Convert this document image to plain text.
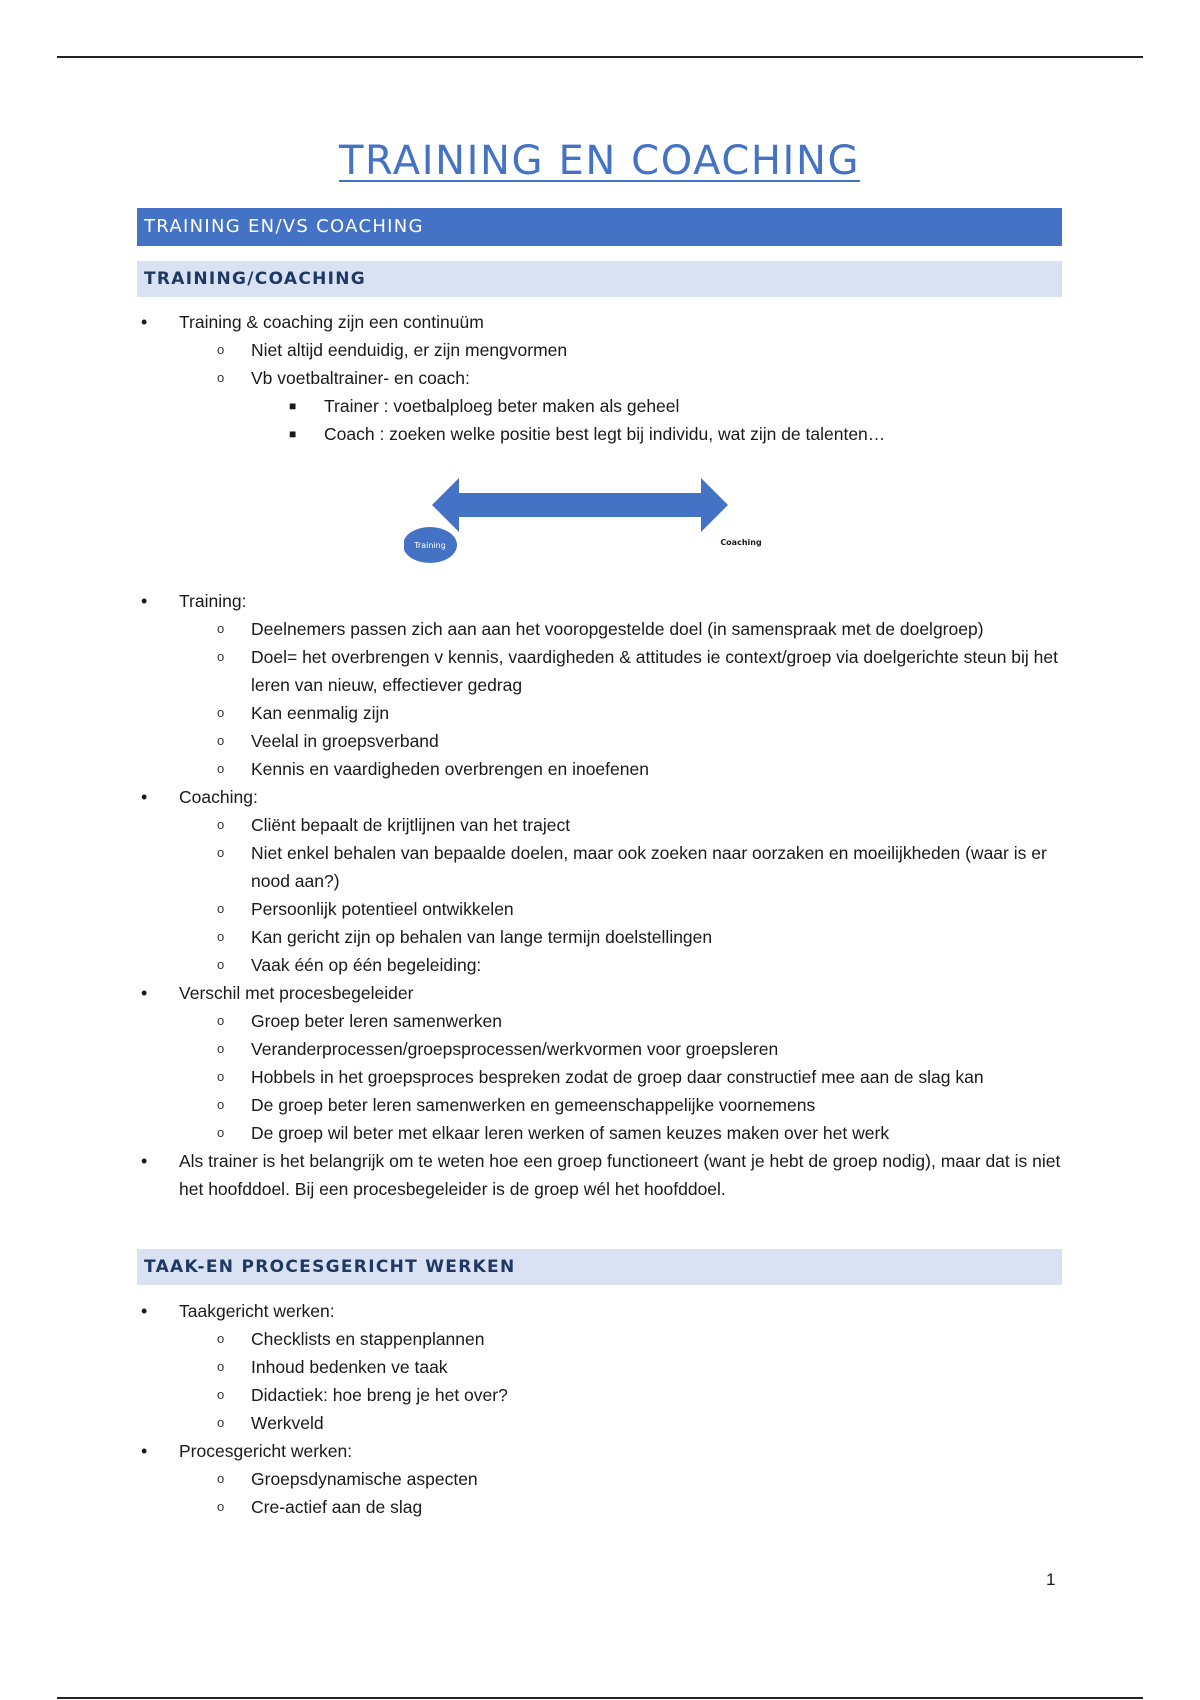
TRAINING EN COACHING
TRAINING EN/VS COACHING
TRAINING/COACHING
• Training & coaching zijn een continuüm
o Niet altijd eenduidig, er zijn mengvormen
o Vb voetbaltrainer- en coach:
■ Trainer : voetbalploeg beter maken als geheel
■ Coach : zoeken welke positie best legt bij individu, wat zijn de talenten…
Training	Coaching
• Training:
o Deelnemers passen zich aan aan het vooropgestelde doel (in samenspraak met de doelgroep)
o Doel= het overbrengen v kennis, vaardigheden & attitudes ie context/groep via doelgerichte steun bij het leren van nieuw, effectiever gedrag
o Kan eenmalig zijn
o Veelal in groepsverband
o Kennis en vaardigheden overbrengen en inoefenen
• Coaching:
o Cliënt bepaalt de krijtlijnen van het traject
o Niet enkel behalen van bepaalde doelen, maar ook zoeken naar oorzaken en moeilijkheden (waar is er nood aan?)
o Persoonlijk potentieel ontwikkelen
o Kan gericht zijn op behalen van lange termijn doelstellingen
o Vaak één op één begeleiding:
• Verschil met procesbegeleider
o Groep beter leren samenwerken
o Veranderprocessen/groepsprocessen/werkvormen voor groepsleren
o Hobbels in het groepsproces bespreken zodat de groep daar constructief mee aan de slag kan
o De groep beter leren samenwerken en gemeenschappelijke voornemens
o De groep wil beter met elkaar leren werken of samen keuzes maken over het werk
• Als trainer is het belangrijk om te weten hoe een groep functioneert (want je hebt de groep nodig), maar dat is niet het hoofddoel. Bij een procesbegeleider is de groep wél het hoofddoel.
TAAK-EN PROCESGERICHT WERKEN
• Taakgericht werken:
o Checklists en stappenplannen
o Inhoud bedenken ve taak
o Didactiek: hoe breng je het over?
o Werkveld
• Procesgericht werken:
o Groepsdynamische aspecten
o Cre-actief aan de slag
1
